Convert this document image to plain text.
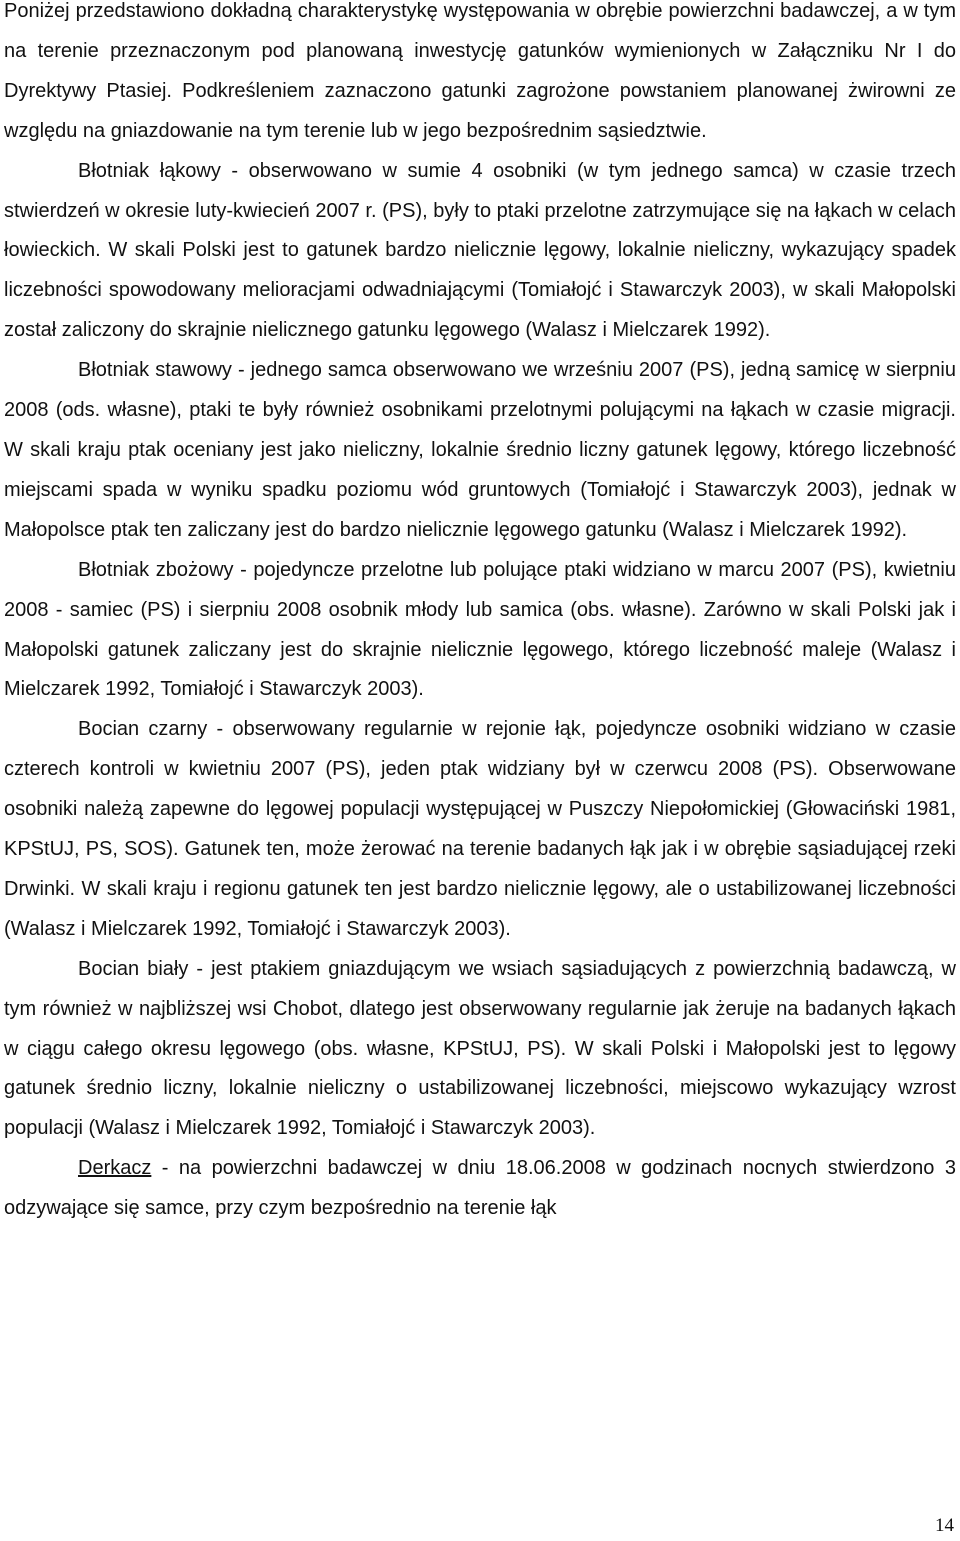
Poniżej przedstawiono dokładną charakterystykę występowania w obrębie powierzchni badawczej, a w tym na terenie przeznaczonym pod planowaną inwestycję gatunków wymienionych w Załączniku Nr I do Dyrektywy Ptasiej. Podkreśleniem zaznaczono gatunki zagrożone powstaniem planowanej żwirowni ze względu na gniazdowanie na tym terenie lub w jego bezpośrednim sąsiedztwie.

Błotniak łąkowy - obserwowano w sumie 4 osobniki (w tym jednego samca) w czasie trzech stwierdzeń w okresie luty-kwiecień 2007 r. (PS), były to ptaki przelotne zatrzymujące się na łąkach w celach łowieckich. W skali Polski jest to gatunek bardzo nielicznie lęgowy, lokalnie nieliczny, wykazujący spadek liczebności spowodowany melioracjami odwadniającymi (Tomiałojć i Stawarczyk 2003), w skali Małopolski został zaliczony do skrajnie nielicznego gatunku lęgowego (Walasz i Mielczarek 1992).

Błotniak stawowy - jednego samca obserwowano we wrześniu 2007 (PS), jedną samicę w sierpniu 2008 (ods. własne), ptaki te były również osobnikami przelotnymi polującymi na łąkach w czasie migracji. W skali kraju ptak oceniany jest jako nieliczny, lokalnie średnio liczny gatunek lęgowy, którego liczebność miejscami spada w wyniku spadku poziomu wód gruntowych (Tomiałojć i Stawarczyk 2003), jednak w Małopolsce ptak ten zaliczany jest do bardzo nielicznie lęgowego gatunku (Walasz i Mielczarek 1992).

Błotniak zbożowy - pojedyncze przelotne lub polujące ptaki widziano w marcu 2007 (PS), kwietniu 2008 - samiec (PS) i sierpniu 2008 osobnik młody lub samica (obs. własne). Zarówno w skali Polski jak i Małopolski gatunek zaliczany jest do skrajnie nielicznie lęgowego, którego liczebność maleje (Walasz i Mielczarek 1992, Tomiałojć i Stawarczyk 2003).

Bocian czarny - obserwowany regularnie w rejonie łąk, pojedyncze osobniki widziano w czasie czterech kontroli w kwietniu 2007 (PS), jeden ptak widziany był w czerwcu 2008 (PS). Obserwowane osobniki należą zapewne do lęgowej populacji występującej w Puszczy Niepołomickiej (Głowaciński 1981, KPStUJ, PS, SOS). Gatunek ten, może żerować na terenie badanych łąk jak i w obrębie sąsiadującej rzeki Drwinki. W skali kraju i regionu gatunek ten jest bardzo nielicznie lęgowy, ale o ustabilizowanej liczebności (Walasz i Mielczarek 1992, Tomiałojć i Stawarczyk 2003).

Bocian biały - jest ptakiem gniazdującym we wsiach sąsiadujących z powierzchnią badawczą, w tym również w najbliższej wsi Chobot, dlatego jest obserwowany regularnie jak żeruje na badanych łąkach w ciągu całego okresu lęgowego (obs. własne, KPStUJ, PS). W skali Polski i Małopolski jest to lęgowy gatunek średnio liczny, lokalnie nieliczny o ustabilizowanej liczebności, miejscowo wykazujący wzrost populacji (Walasz i Mielczarek 1992, Tomiałojć i Stawarczyk 2003).

Derkacz - na powierzchni badawczej w dniu 18.06.2008 w godzinach nocnych stwierdzono 3 odzywające się samce, przy czym bezpośrednio na terenie łąk

14
